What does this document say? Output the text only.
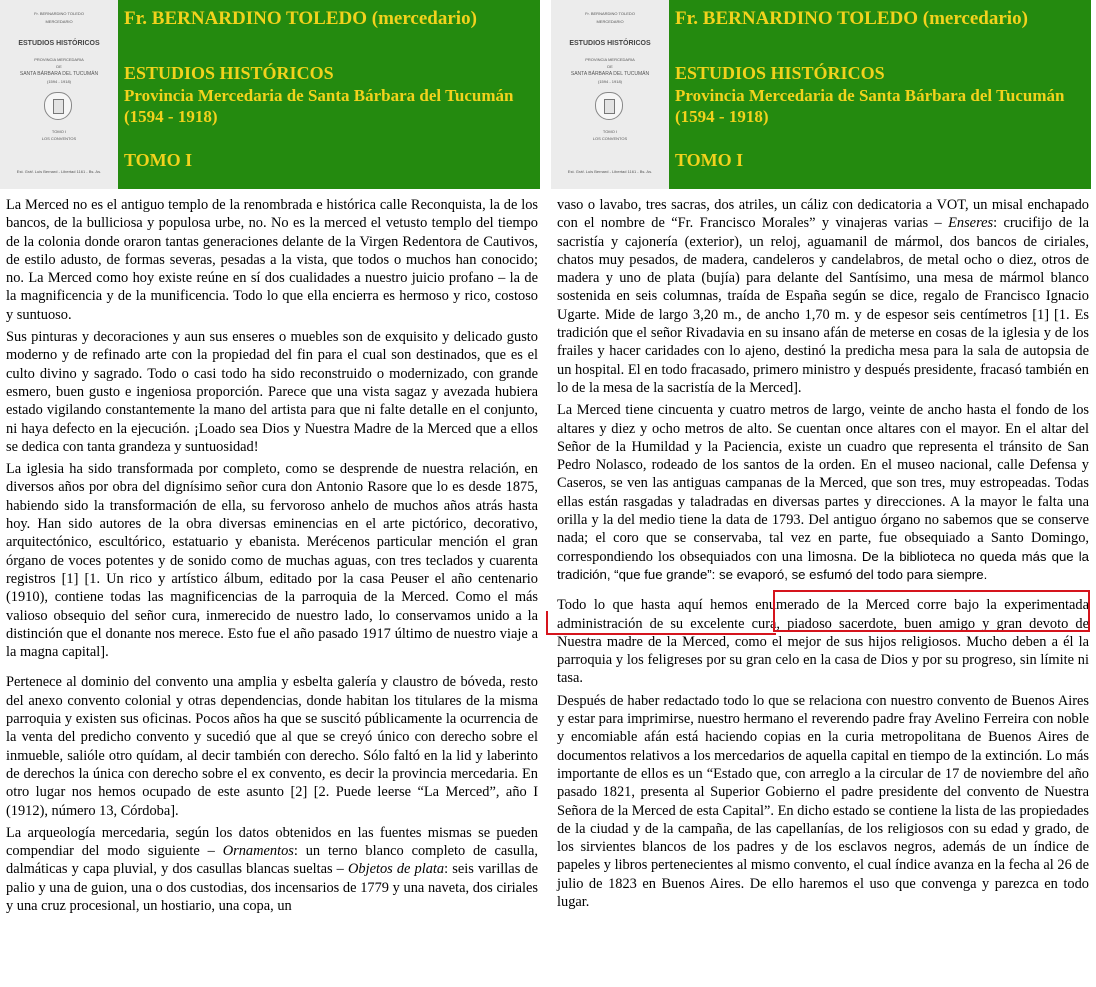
Fr. BERNARDINO TOLEDO
MERCEDARIO
ESTUDIOS HISTÓRICOS
PROVINCIA MERCEDARIA
DE
SANTA BÁRBARA DEL TUCUMÁN
(1594 - 1918)
TOMO I
LOS CONVENTOS
Est. Gráf. Luis Bernard - Libertad 1161 - Bs. As.
Fr. BERNARDINO TOLEDO (mercedario)
ESTUDIOS HISTÓRICOS
Provincia Mercedaria de Santa Bárbara del Tucumán (1594 - 1918)
TOMO I

La Merced no es el antiguo templo de la renombrada e histórica calle Reconquista, la de los bancos, de la bulliciosa y populosa urbe, no. No es la merced el vetusto templo del tiempo de la colonia donde oraron tantas generaciones delante de la Virgen Redentora de Cautivos, de estilo adusto, de formas severas, pesadas a la vista, que todos o muchos han conocido; no. La Merced como hoy existe reúne en sí dos cualidades a nuestro juicio profano – la de la magnificencia y de la munificencia. Todo lo que ella encierra es hermoso y rico, costoso y suntuoso.

Sus pinturas y decoraciones y aun sus enseres o muebles son de exquisito y delicado gusto moderno y de refinado arte con la propiedad del fin para el cual son destinados, que es el culto divino y sagrado. Todo o casi todo ha sido reconstruido o modernizado, con grande esmero, buen gusto e ingeniosa proporción. Parece que una vista sagaz y avezada hubiera estado vigilando constantemente la mano del artista para que ni falte detalle en el conjunto, ni haya defecto en la ejecución. ¡Loado sea Dios y Nuestra Madre de la Merced que a ellos se dedica con tanta grandeza y suntuosidad!

La iglesia ha sido transformada por completo, como se desprende de nuestra relación, en diversos años por obra del dignísimo señor cura don Antonio Rasore que lo es desde 1875, habiendo sido la transformación de ella, su fervoroso anhelo de muchos años atrás hasta hoy. Han sido autores de la obra diversas eminencias en el arte pictórico, decorativo, arquitectónico, escultórico, estatuario y ebanista. Merécenos particular mención el gran órgano de voces potentes y de sonido como de muchas aguas, con tres teclados y cuarenta registros [1] [1. Un rico y artístico álbum, editado por la casa Peuser el año centenario (1910), contiene todas las magnificencias de la parroquia de la Merced. Como el más valioso obsequio del señor cura, inmerecido de nuestro lado, lo conservamos unido a la distinción que el donante nos merece. Esto fue el año pasado 1917 último de nuestro viaje a la magna capital].

Pertenece al dominio del convento una amplia y esbelta galería y claustro de bóveda, resto del anexo convento colonial y otras dependencias, donde habitan los titulares de la misma parroquia y existen sus oficinas. Pocos años ha que se suscitó públicamente la ocurrencia de la venta del predicho convento y sucedió que al que se creyó único con derecho sobre el inmueble, salióle otro quídam, al decir también con derecho. Sólo faltó en la lid y laberinto de derechos la única con derecho sobre el ex convento, es decir la provincia mercedaria. En otro lugar nos hemos ocupado de este asunto [2] [2. Puede leerse “La Merced”, año I (1912), número 13, Córdoba].

La arqueología mercedaria, según los datos obtenidos en las fuentes mismas se pueden compendiar del modo siguiente – Ornamentos: un terno blanco completo de casulla, dalmáticas y capa pluvial, y dos casullas blancas sueltas – Objetos de plata: seis varillas de palio y una de guion, una o dos custodias, dos incensarios de 1779 y una naveta, dos ciriales y una cruz procesional, un hostiario, una copa, un

Fr. BERNARDINO TOLEDO
MERCEDARIO
ESTUDIOS HISTÓRICOS
PROVINCIA MERCEDARIA
DE
SANTA BÁRBARA DEL TUCUMÁN
(1594 - 1918)
TOMO I
LOS CONVENTOS
Est. Gráf. Luis Bernard - Libertad 1161 - Bs. As.
Fr. BERNARDINO TOLEDO (mercedario)
ESTUDIOS HISTÓRICOS
Provincia Mercedaria de Santa Bárbara del Tucumán (1594 - 1918)
TOMO I

vaso o lavabo, tres sacras, dos atriles, un cáliz con dedicatoria a VOT, un misal enchapado con el nombre de “Fr. Francisco Morales” y vinajeras varias – Enseres: crucifijo de la sacristía y cajonería (exterior), un reloj, aguamanil de mármol, dos bancos de ciriales, chatos muy pesados, de madera, candeleros y candelabros, de metal ocho o diez, otros de madera y uno de plata (bujía) para delante del Santísimo, una mesa de mármol blanco sostenida en seis columnas, traída de España según se dice, regalo de Francisco Ignacio Ugarte. Mide de largo 3,20 m., de ancho 1,70 m. y de espesor seis centímetros [1] [1. Es tradición que el señor Rivadavia en su insano afán de meterse en cosas de la iglesia y de los frailes y hacer caridades con lo ajeno, destinó la predicha mesa para la sala de autopsia de un hospital. El en todo fracasado, primero ministro y después presidente, fracasó también en lo de la mesa de la sacristía de la Merced].

La Merced tiene cincuenta y cuatro metros de largo, veinte de ancho hasta el fondo de los altares y diez y ocho metros de alto. Se cuentan once altares con el mayor. En el altar del Señor de la Humildad y la Paciencia, existe un cuadro que representa el tránsito de San Pedro Nolasco, rodeado de los santos de la orden. En el museo nacional, calle Defensa y Caseros, se ven las antiguas campanas de la Merced, que son tres, muy estropeadas. Todas ellas están rasgadas y taladradas en diversas partes y direcciones. A la mayor le falta una orilla y la del medio tiene la data de 1793. Del antiguo órgano no sabemos que se conserve nada; el coro que se conservaba, tal vez en parte, fue obsequiado a Santo Domingo, correspondiendo los obsequiados con una limosna. De la biblioteca no queda más que la tradición, “que fue grande”: se evaporó, se esfumó del todo para siempre.

Todo lo que hasta aquí hemos enumerado de la Merced corre bajo la experimentada administración de su excelente cura, piadoso sacerdote, buen amigo y gran devoto de Nuestra madre de la Merced, como el mejor de sus hijos religiosos. Mucho deben a él la parroquia y los feligreses por su gran celo en la casa de Dios y por su progreso, sin límite ni tasa.

Después de haber redactado todo lo que se relaciona con nuestro convento de Buenos Aires y estar para imprimirse, nuestro hermano el reverendo padre fray Avelino Ferreira con noble y encomiable afán está haciendo copias en la curia metropolitana de Buenos Aires de documentos relativos a los mercedarios de aquella capital en tiempo de la extinción. Lo más importante de ellos es un “Estado que, con arreglo a la circular de 17 de noviembre del año pasado 1821, presenta al Superior Gobierno el padre presidente del convento de Nuestra Señora de la Merced de esta Capital”. En dicho estado se contiene la lista de las propiedades de la ciudad y de la campaña, de las capellanías, de los religiosos con su edad y grado, de los sirvientes blancos de los padres y de los esclavos negros, además de un índice de papeles y libros pertenecientes al mismo convento, el cual índice avanza en la fecha al 26 de julio de 1823 en Buenos Aires. De ello haremos el uso que convenga y parezca en todo lugar.
